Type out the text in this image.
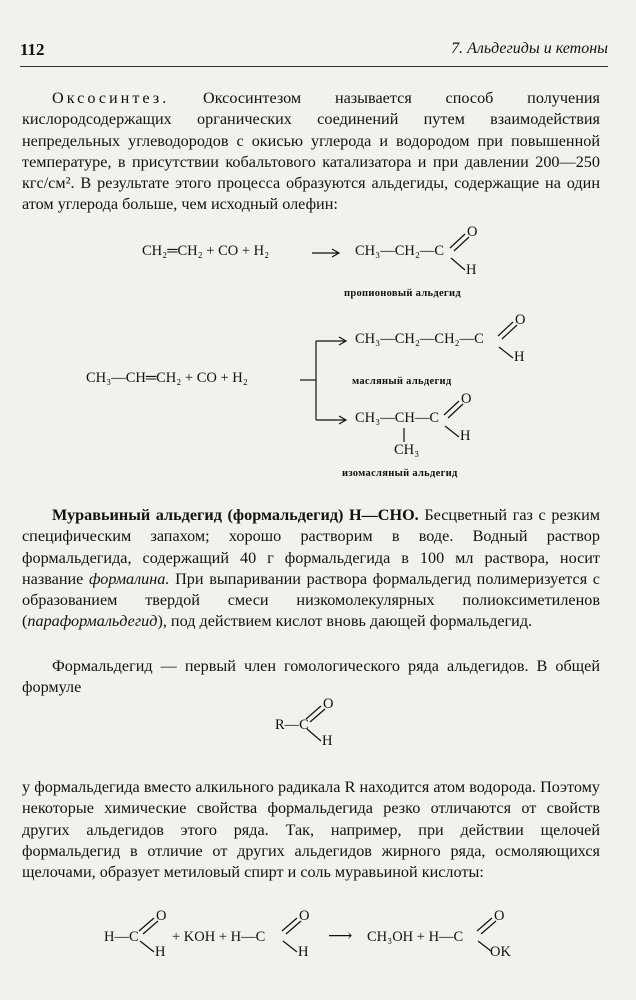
112	7. Альдегиды и кетоны

Оксосинтез. Оксосинтезом называется способ получения кислородсодержащих органических соединений путем взаимодействия непредельных углеводородов с окисью углерода и водородом при повышенной температуре, в присутствии кобальтового катализатора и при давлении 200—250 кгс/см². В результате этого процесса образуются альдегиды, содержащие на один атом углерода больше, чем исходный олефин:

CH₂═CH₂ + CO + H₂	CH₃—CH₂—C
O
H
пропионовый альдегид
CH₃—CH═CH₂ + CO + H₂
CH₃—CH₂—CH₂—C
O
H
масляный альдегид
CH₃—CH—C
O
H
CH₃
изомасляный альдегид

Муравьиный альдегид (формальдегид) H—CHO. Бесцветный газ с резким специфическим запахом; хорошо растворим в воде. Водный раствор формальдегида, содержащий 40 г формальдегида в 100 мл раствора, носит название формалина. При выпаривании раствора формальдегид полимеризуется с образованием твердой смеси низкомолекулярных полиоксиметиленов (параформальдегид), под действием кислот вновь дающей формальдегид.

Формальдегид — первый член гомологического ряда альдегидов. В общей формуле

R—C
O
H

у формальдегида вместо алкильного радикала R находится атом водорода. Поэтому некоторые химические свойства формальдегида резко отличаются от свойств других альдегидов этого ряда. Так, например, при действии щелочей формальдегид в отличие от других альдегидов жирного ряда, осмоляющихся щелочами, образует метиловый спирт и соль муравьиной кислоты:

H—C
O
H
+ KOH + H—C
O
H
⟶ CH₃OH + H—C
O
OK
